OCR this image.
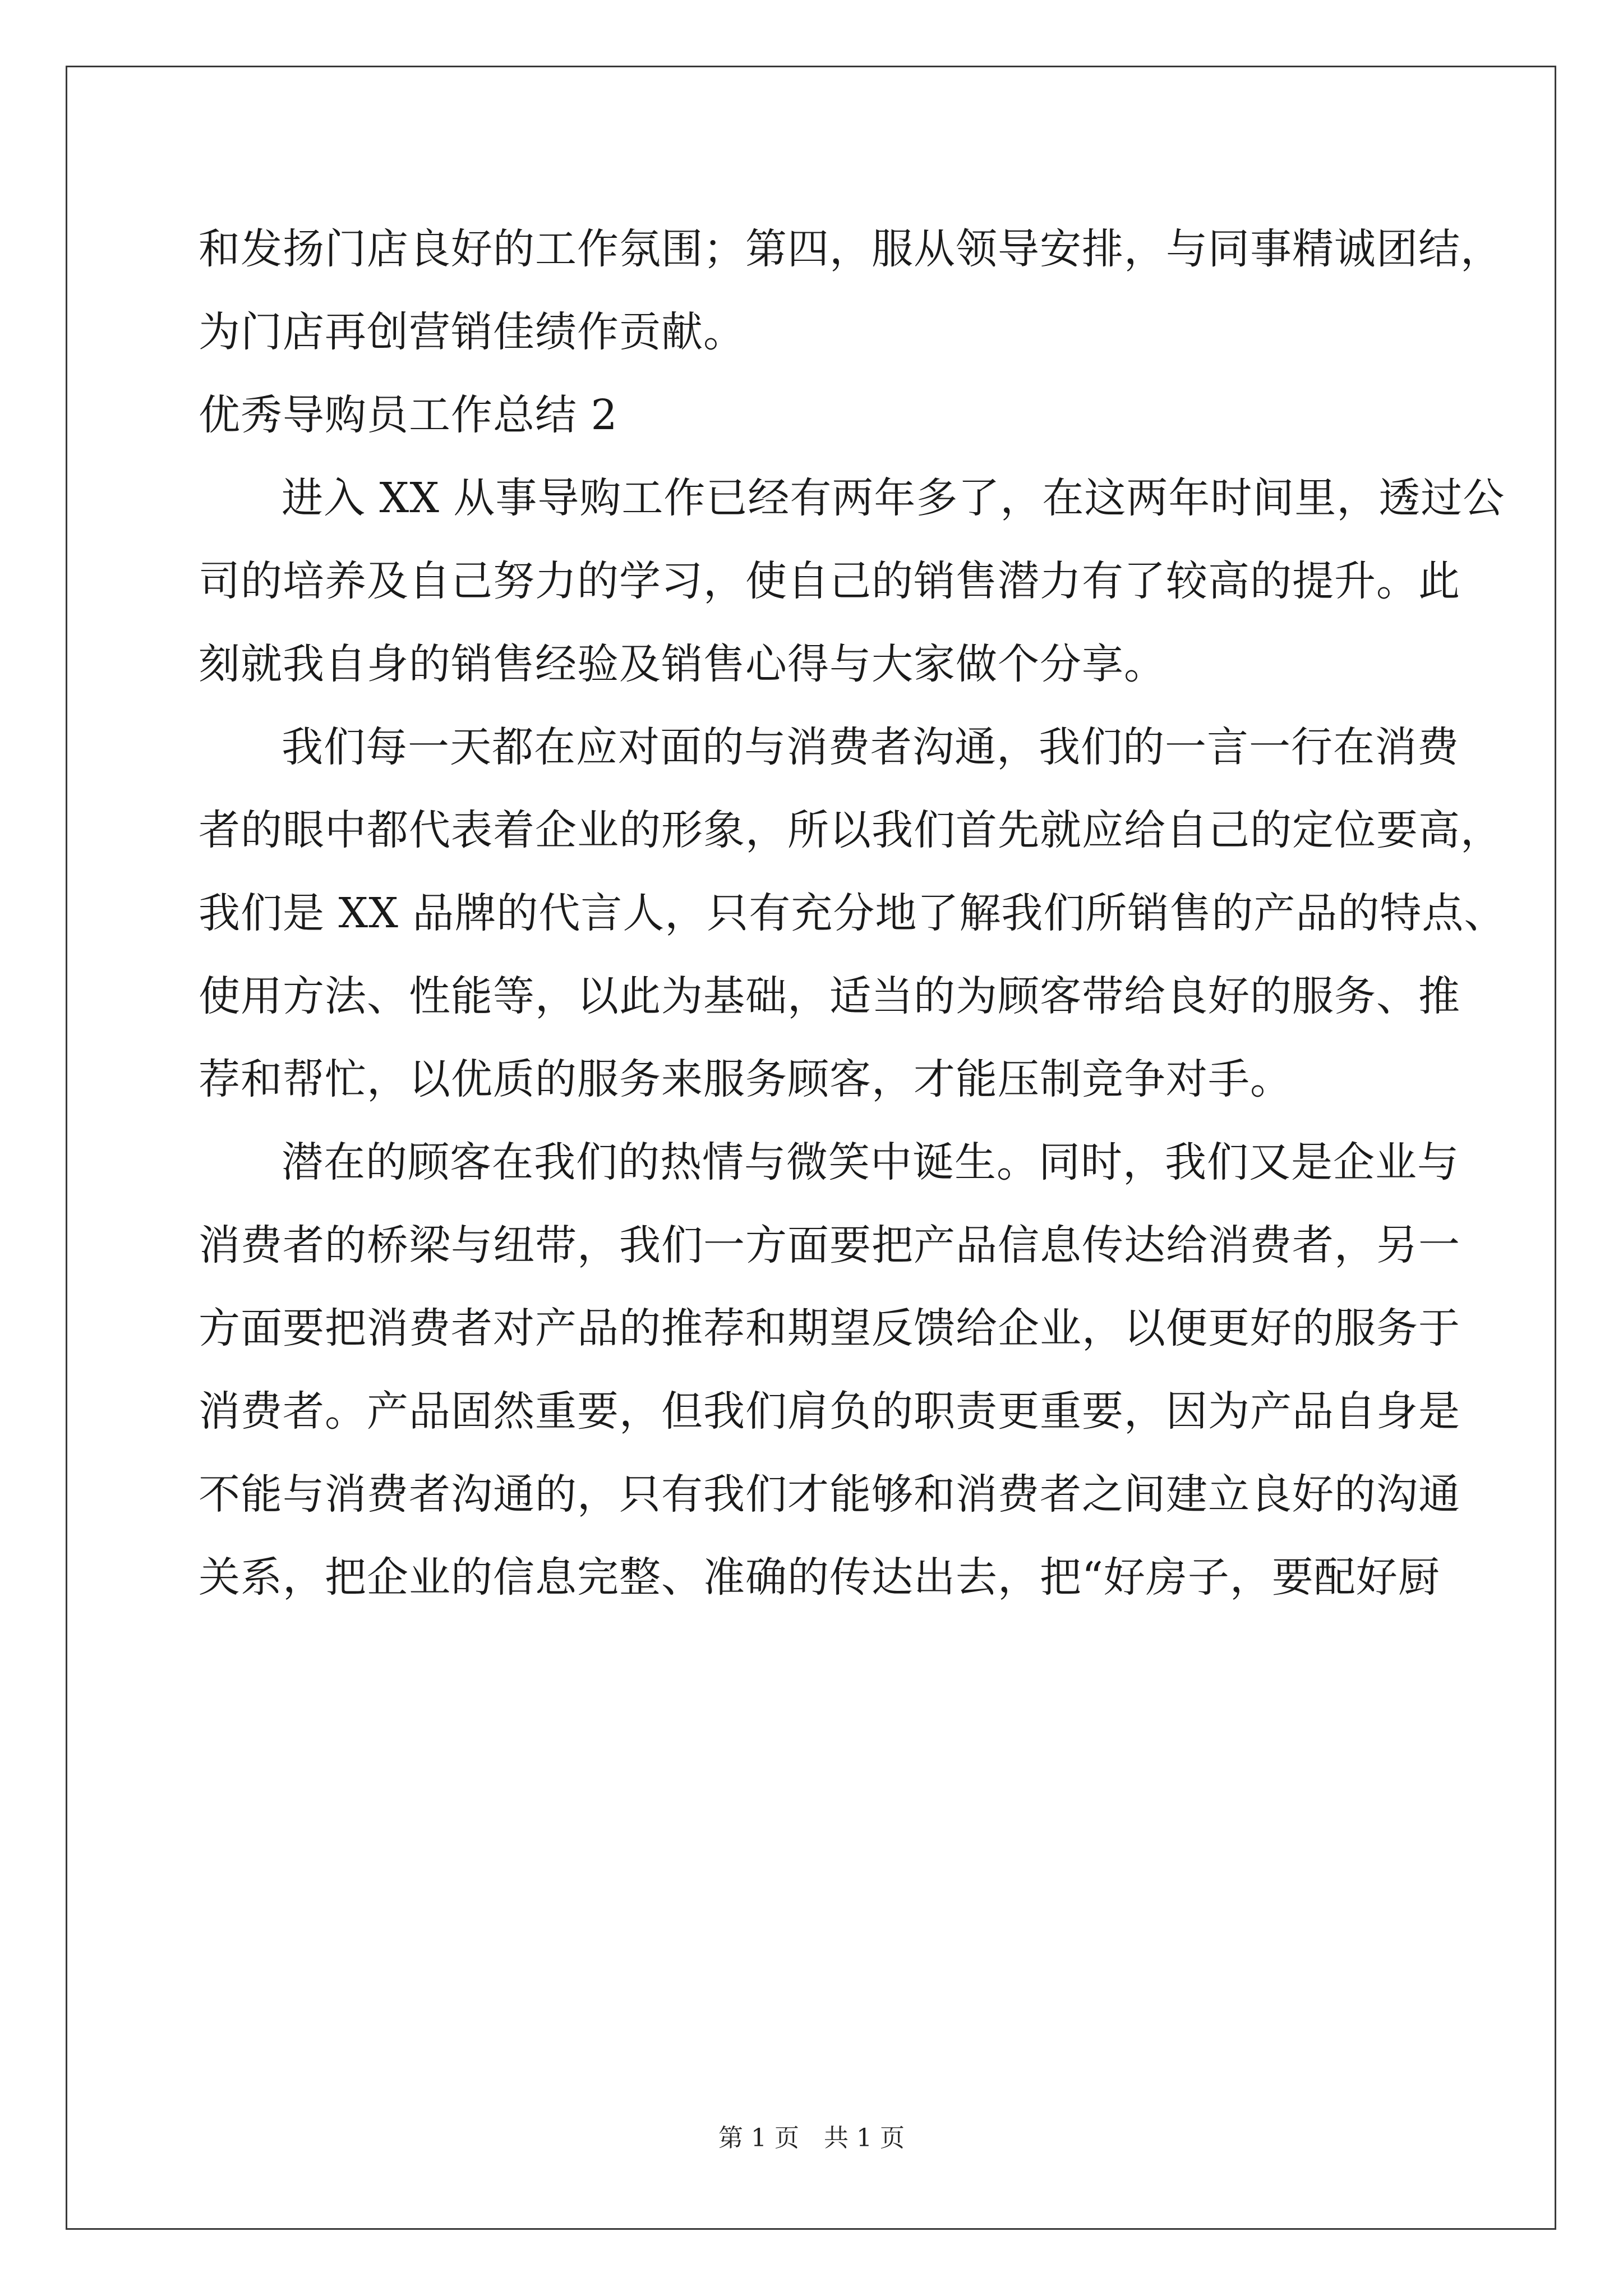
和发扬门店良好的工作氛围；第四，服从领导安排，与同事精诚团结，
为门店再创营销佳绩作贡献。
优秀导购员工作总结 2
进入 XX 从事导购工作已经有两年多了，在这两年时间里，透过公
司的培养及自己努力的学习，使自己的销售潜力有了较高的提升。此
刻就我自身的销售经验及销售心得与大家做个分享。
我们每一天都在应对面的与消费者沟通，我们的一言一行在消费
者的眼中都代表着企业的形象，所以我们首先就应给自己的定位要高，
我们是 XX 品牌的代言人，只有充分地了解我们所销售的产品的特点、
使用方法、性能等，以此为基础，适当的为顾客带给良好的服务、推
荐和帮忙，以优质的服务来服务顾客，才能压制竞争对手。
潜在的顾客在我们的热情与微笑中诞生。同时，我们又是企业与
消费者的桥梁与纽带，我们一方面要把产品信息传达给消费者，另一
方面要把消费者对产品的推荐和期望反馈给企业，以便更好的服务于
消费者。产品固然重要，但我们肩负的职责更重要，因为产品自身是
不能与消费者沟通的，只有我们才能够和消费者之间建立良好的沟通
关系，把企业的信息完整、准确的传达出去，把“好房子，要配好厨
第 1 页　共 1 页
